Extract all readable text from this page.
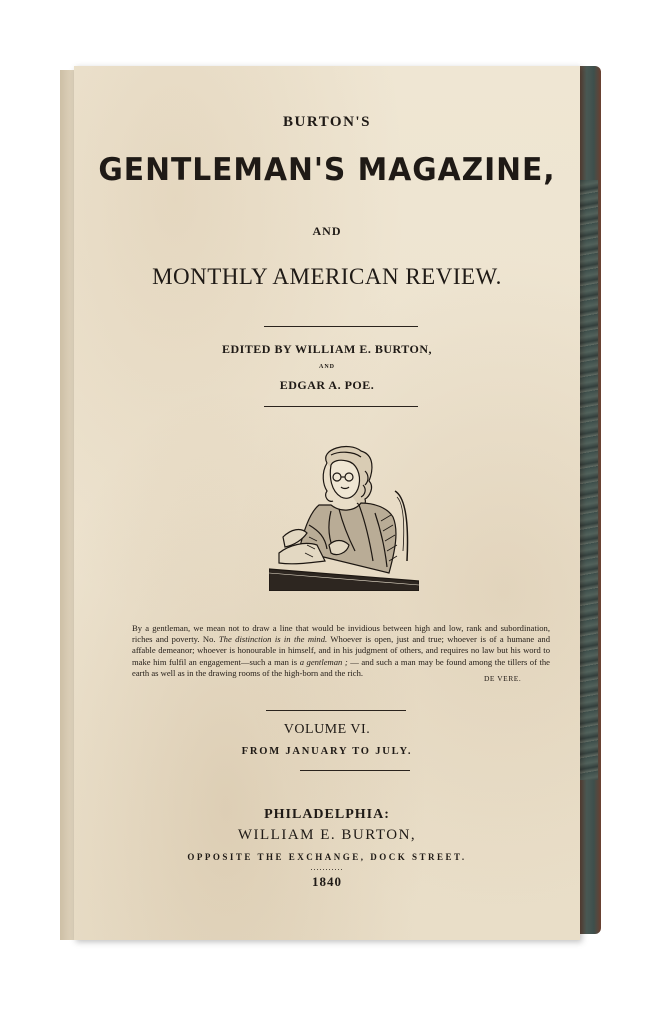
BURTON'S
GENTLEMAN'S MAGAZINE,
AND
MONTHLY AMERICAN REVIEW.
EDITED BY WILLIAM E. BURTON,
AND
EDGAR A. POE.
By a gentleman, we mean not to draw a line that would be invidious between high and low, rank and subordination, riches and poverty. No. The distinction is in the mind. Whoever is open, just and true; whoever is of a humane and affable demeanor; whoever is honourable in himself, and in his judgment of others, and requires no law but his word to make him fulfil an engagement—such a man is a gentleman ; — and such a man may be found among the tillers of the earth as well as in the drawing rooms of the high-born and the rich.
DE VERE.
VOLUME VI.
FROM JANUARY TO JULY.
PHILADELPHIA:
WILLIAM E. BURTON,
OPPOSITE THE EXCHANGE, DOCK STREET.
...........
1840
